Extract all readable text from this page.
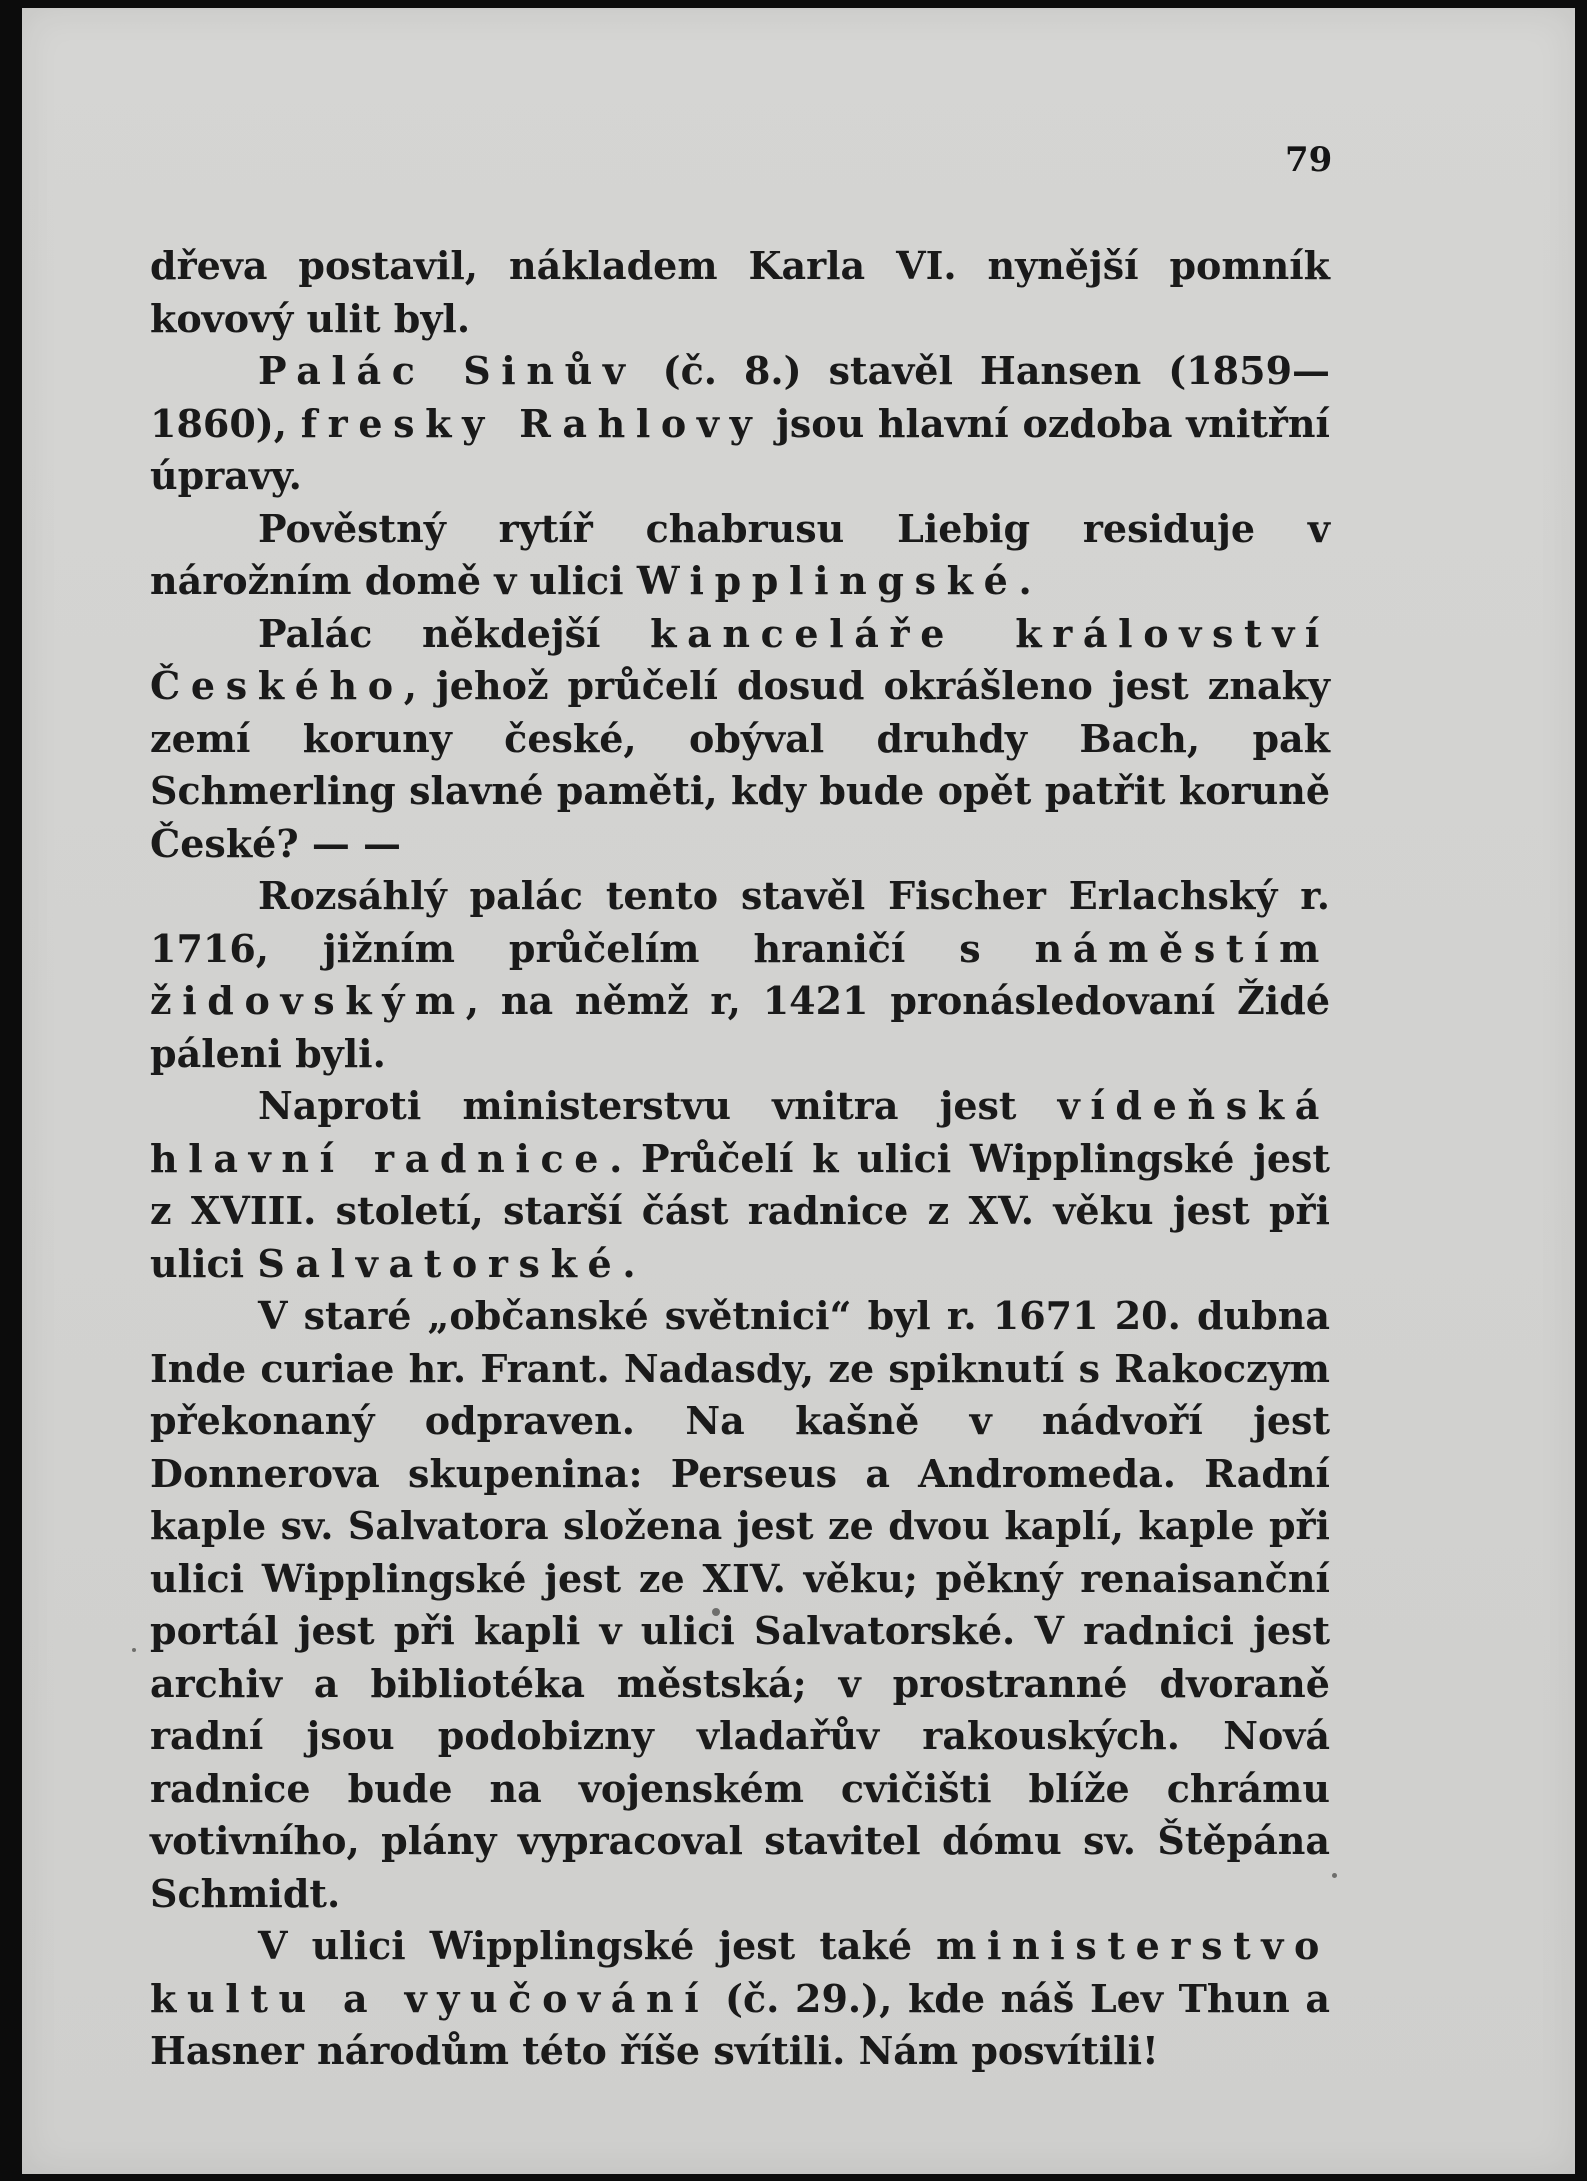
79

dřeva postavil, nákladem Karla VI. nynější pomník kovový ulit byl.

Palác Sinův (č. 8.) stavěl Hansen (1859—1860), fresky Rahlovy jsou hlavní ozdoba vnitřní úpravy.

Pověstný rytíř chabrusu Liebig residuje v nárožním domě v ulici Wipplingské.

Palác někdejší kanceláře království Českého, jehož průčelí dosud okrášleno jest znaky zemí koruny české, obýval druhdy Bach, pak Schmerling slavné paměti, kdy bude opět patřit koruně České? — —

Rozsáhlý palác tento stavěl Fischer Erlachský r. 1716, jižním průčelím hraničí s náměstím židovským, na němž r, 1421 pronásledovaní Židé páleni byli.

Naproti ministerstvu vnitra jest vídeňská hlavní radnice. Průčelí k ulici Wipplingské jest z XVIII. století, starší část radnice z XV. věku jest při ulici Salvatorské.

V staré „občanské světnici“ byl r. 1671 20. dubna Inde curiae hr. Frant. Nadasdy, ze spiknutí s Rakoczym překonaný odpraven. Na kašně v nádvoří jest Donnerova skupenina: Perseus a Andromeda. Radní kaple sv. Salvatora složena jest ze dvou kaplí, kaple při ulici Wipplingské jest ze XIV. věku; pěkný renaisanční portál jest při kapli v ulici Salvatorské. V radnici jest archiv a bibliotéka městská; v prostranné dvoraně radní jsou podobizny vladařův rakouských. Nová radnice bude na vojenském cvičišti blíže chrámu votivního, plány vypracoval stavitel dómu sv. Štěpána Schmidt.

V ulici Wipplingské jest také ministerstvo kultu a vyučování (č. 29.), kde náš Lev Thun a Hasner národům této říše svítili. Nám posvítili!
